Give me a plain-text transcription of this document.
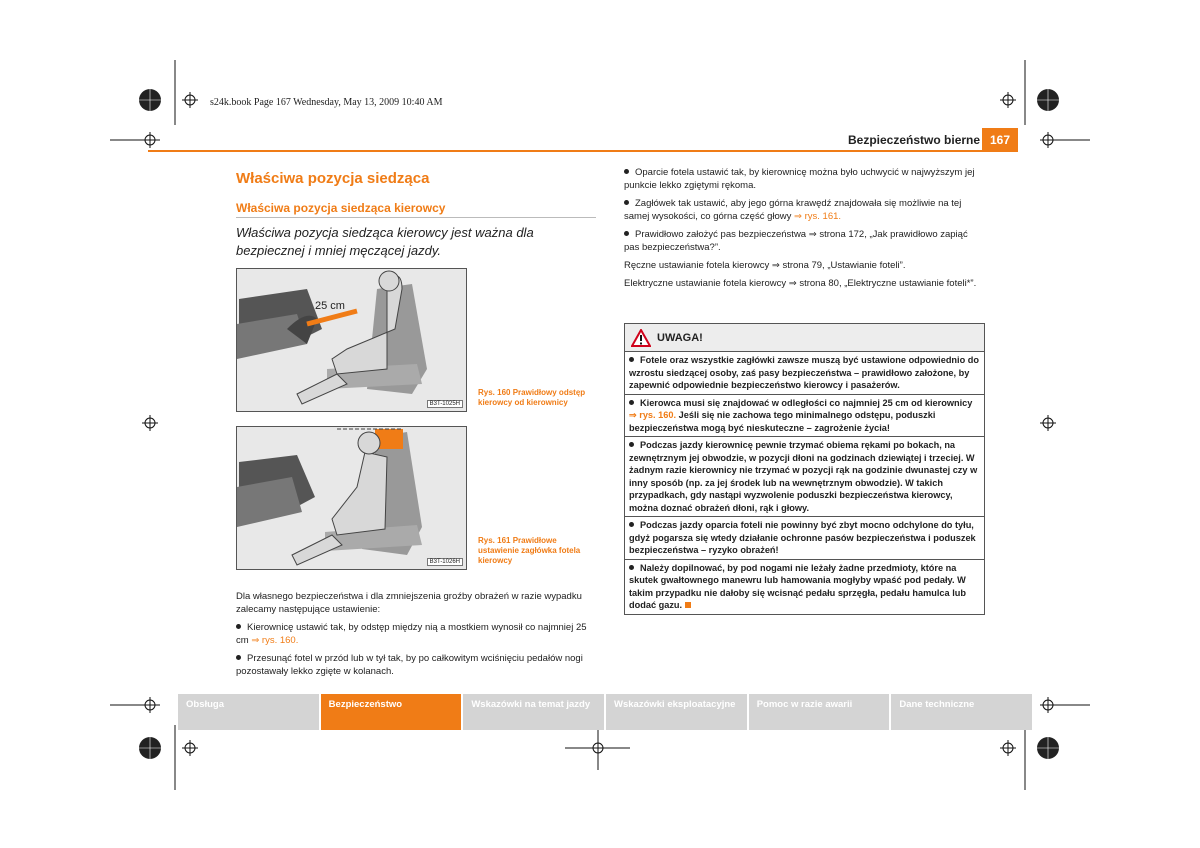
s24k.book Page 167 Wednesday, May 13, 2009 10:40 AM
Bezpieczeństwo bierne 167
Właściwa pozycja siedząca
Właściwa pozycja siedząca kierowcy
Właściwa pozycja siedząca kierowcy jest ważna dla bezpiecznej i mniej męczącej jazdy.
25 cm
B3T-1025H
Rys. 160 Prawidłowy odstęp kierowcy od kierownicy
B3T-1026H
Rys. 161 Prawidłowe ustawienie zagłówka fotela kierowcy

Dla własnego bezpieczeństwa i dla zmniejszenia groźby obrażeń w razie wypadku zalecamy następujące ustawienie:

Kierownicę ustawić tak, by odstęp między nią a mostkiem wynosił co najmniej 25 cm ⇒ rys. 160.

Przesunąć fotel w przód lub w tył tak, by po całkowitym wciśnięciu pedałów nogi pozostawały lekko zgięte w kolanach.

Oparcie fotela ustawić tak, by kierownicę można było uchwycić w najwyższym jej punkcie lekko zgiętymi rękoma.

Zagłówek tak ustawić, aby jego górna krawędź znajdowała się możliwie na tej samej wysokości, co górna część głowy ⇒ rys. 161.

Prawidłowo założyć pas bezpieczeństwa ⇒ strona 172, „Jak prawidłowo zapiąć pas bezpieczeństwa?”.

Ręczne ustawianie fotela kierowcy ⇒ strona 79, „Ustawianie foteli”.

Elektryczne ustawianie fotela kierowcy ⇒ strona 80, „Elektryczne ustawianie foteli*”.

UWAGA!
Fotele oraz wszystkie zagłówki zawsze muszą być ustawione odpowiednio do wzrostu siedzącej osoby, zaś pasy bezpieczeństwa – prawidłowo założone, by zapewnić odpowiednie bezpieczeństwo kierowcy i pasażerów.
Kierowca musi się znajdować w odległości co najmniej 25 cm od kierownicy ⇒ rys. 160. Jeśli się nie zachowa tego minimalnego odstępu, poduszki bezpieczeństwa mogą być nieskuteczne – zagrożenie życia!
Podczas jazdy kierownicę pewnie trzymać obiema rękami po bokach, na zewnętrznym jej obwodzie, w pozycji dłoni na godzinach dziewiątej i trzeciej. W żadnym razie kierownicy nie trzymać w pozycji rąk na godzinie dwunastej czy w inny sposób (np. za jej środek lub na wewnętrznym obwodzie). W takich przypadkach, gdy nastąpi wyzwolenie poduszki bezpieczeństwa kierowcy, można doznać obrażeń dłoni, rąk i głowy.
Podczas jazdy oparcia foteli nie powinny być zbyt mocno odchylone do tyłu, gdyż pogarsza się wtedy działanie ochronne pasów bezpieczeństwa i poduszek bezpieczeństwa – ryzyko obrażeń!
Należy dopilnować, by pod nogami nie leżały żadne przedmioty, które na skutek gwałtownego manewru lub hamowania mogłyby wpaść pod pedały. W takim przypadku nie dałoby się wcisnąć pedału sprzęgła, pedału hamulca lub dodać gazu.
Obsługa	Bezpieczeństwo	Wskazówki na temat jazdy	Wskazówki eksploatacyjne	Pomoc w razie awarii	Dane techniczne
